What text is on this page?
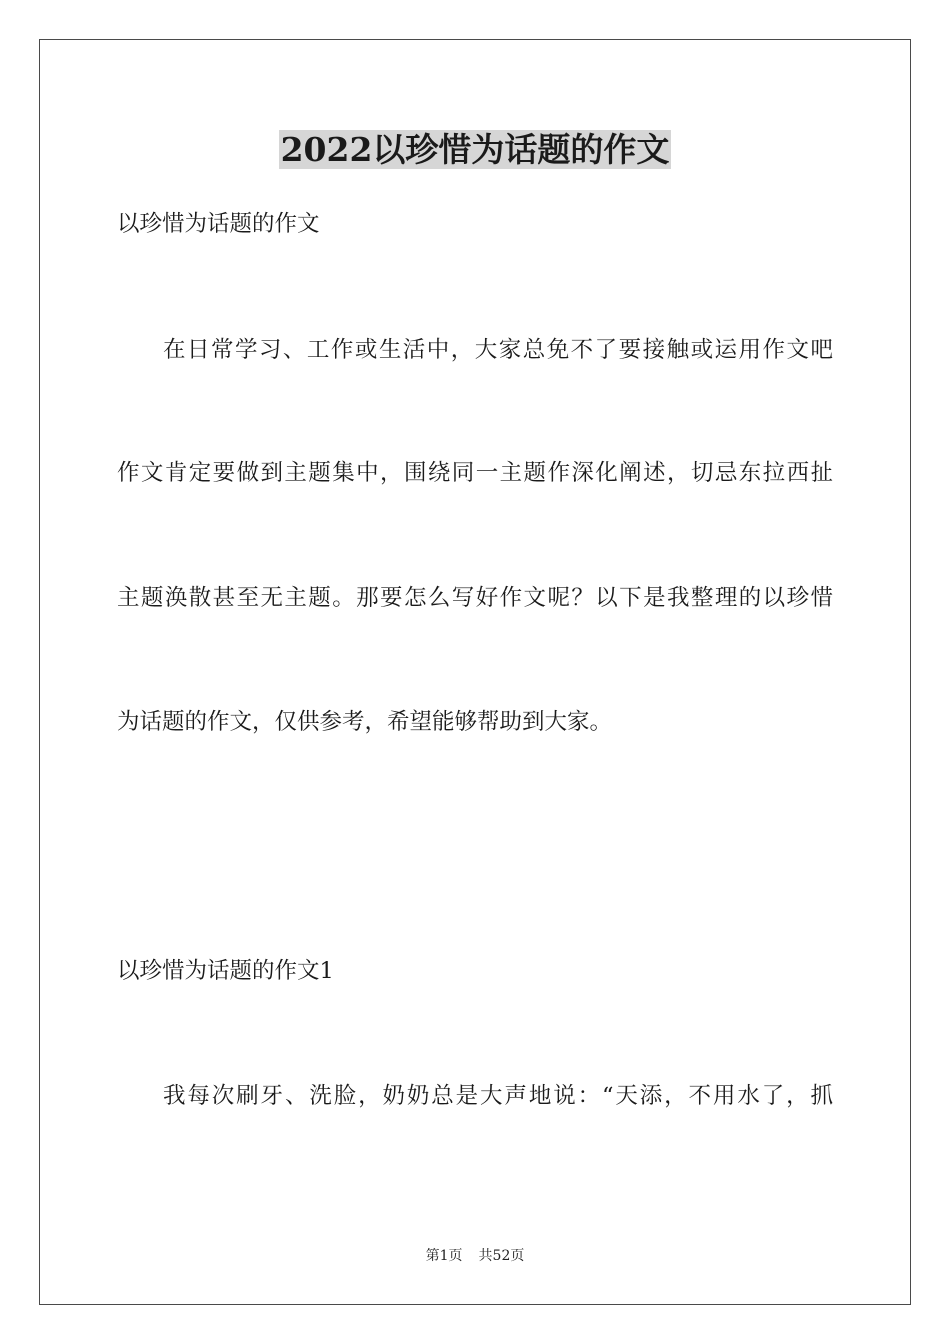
2022以珍惜为话题的作文

以珍惜为话题的作文

在日常学习、工作或生活中，大家总免不了要接触或运用作文吧

作文肯定要做到主题集中，围绕同一主题作深化阐述，切忌东拉西扯

主题涣散甚至无主题。那要怎么写好作文呢？以下是我整理的以珍惜

为话题的作文，仅供参考，希望能够帮助到大家。

以珍惜为话题的作文1

我每次刷牙、洗脸，奶奶总是大声地说：“天添，不用水了，抓

第1页 共52页
